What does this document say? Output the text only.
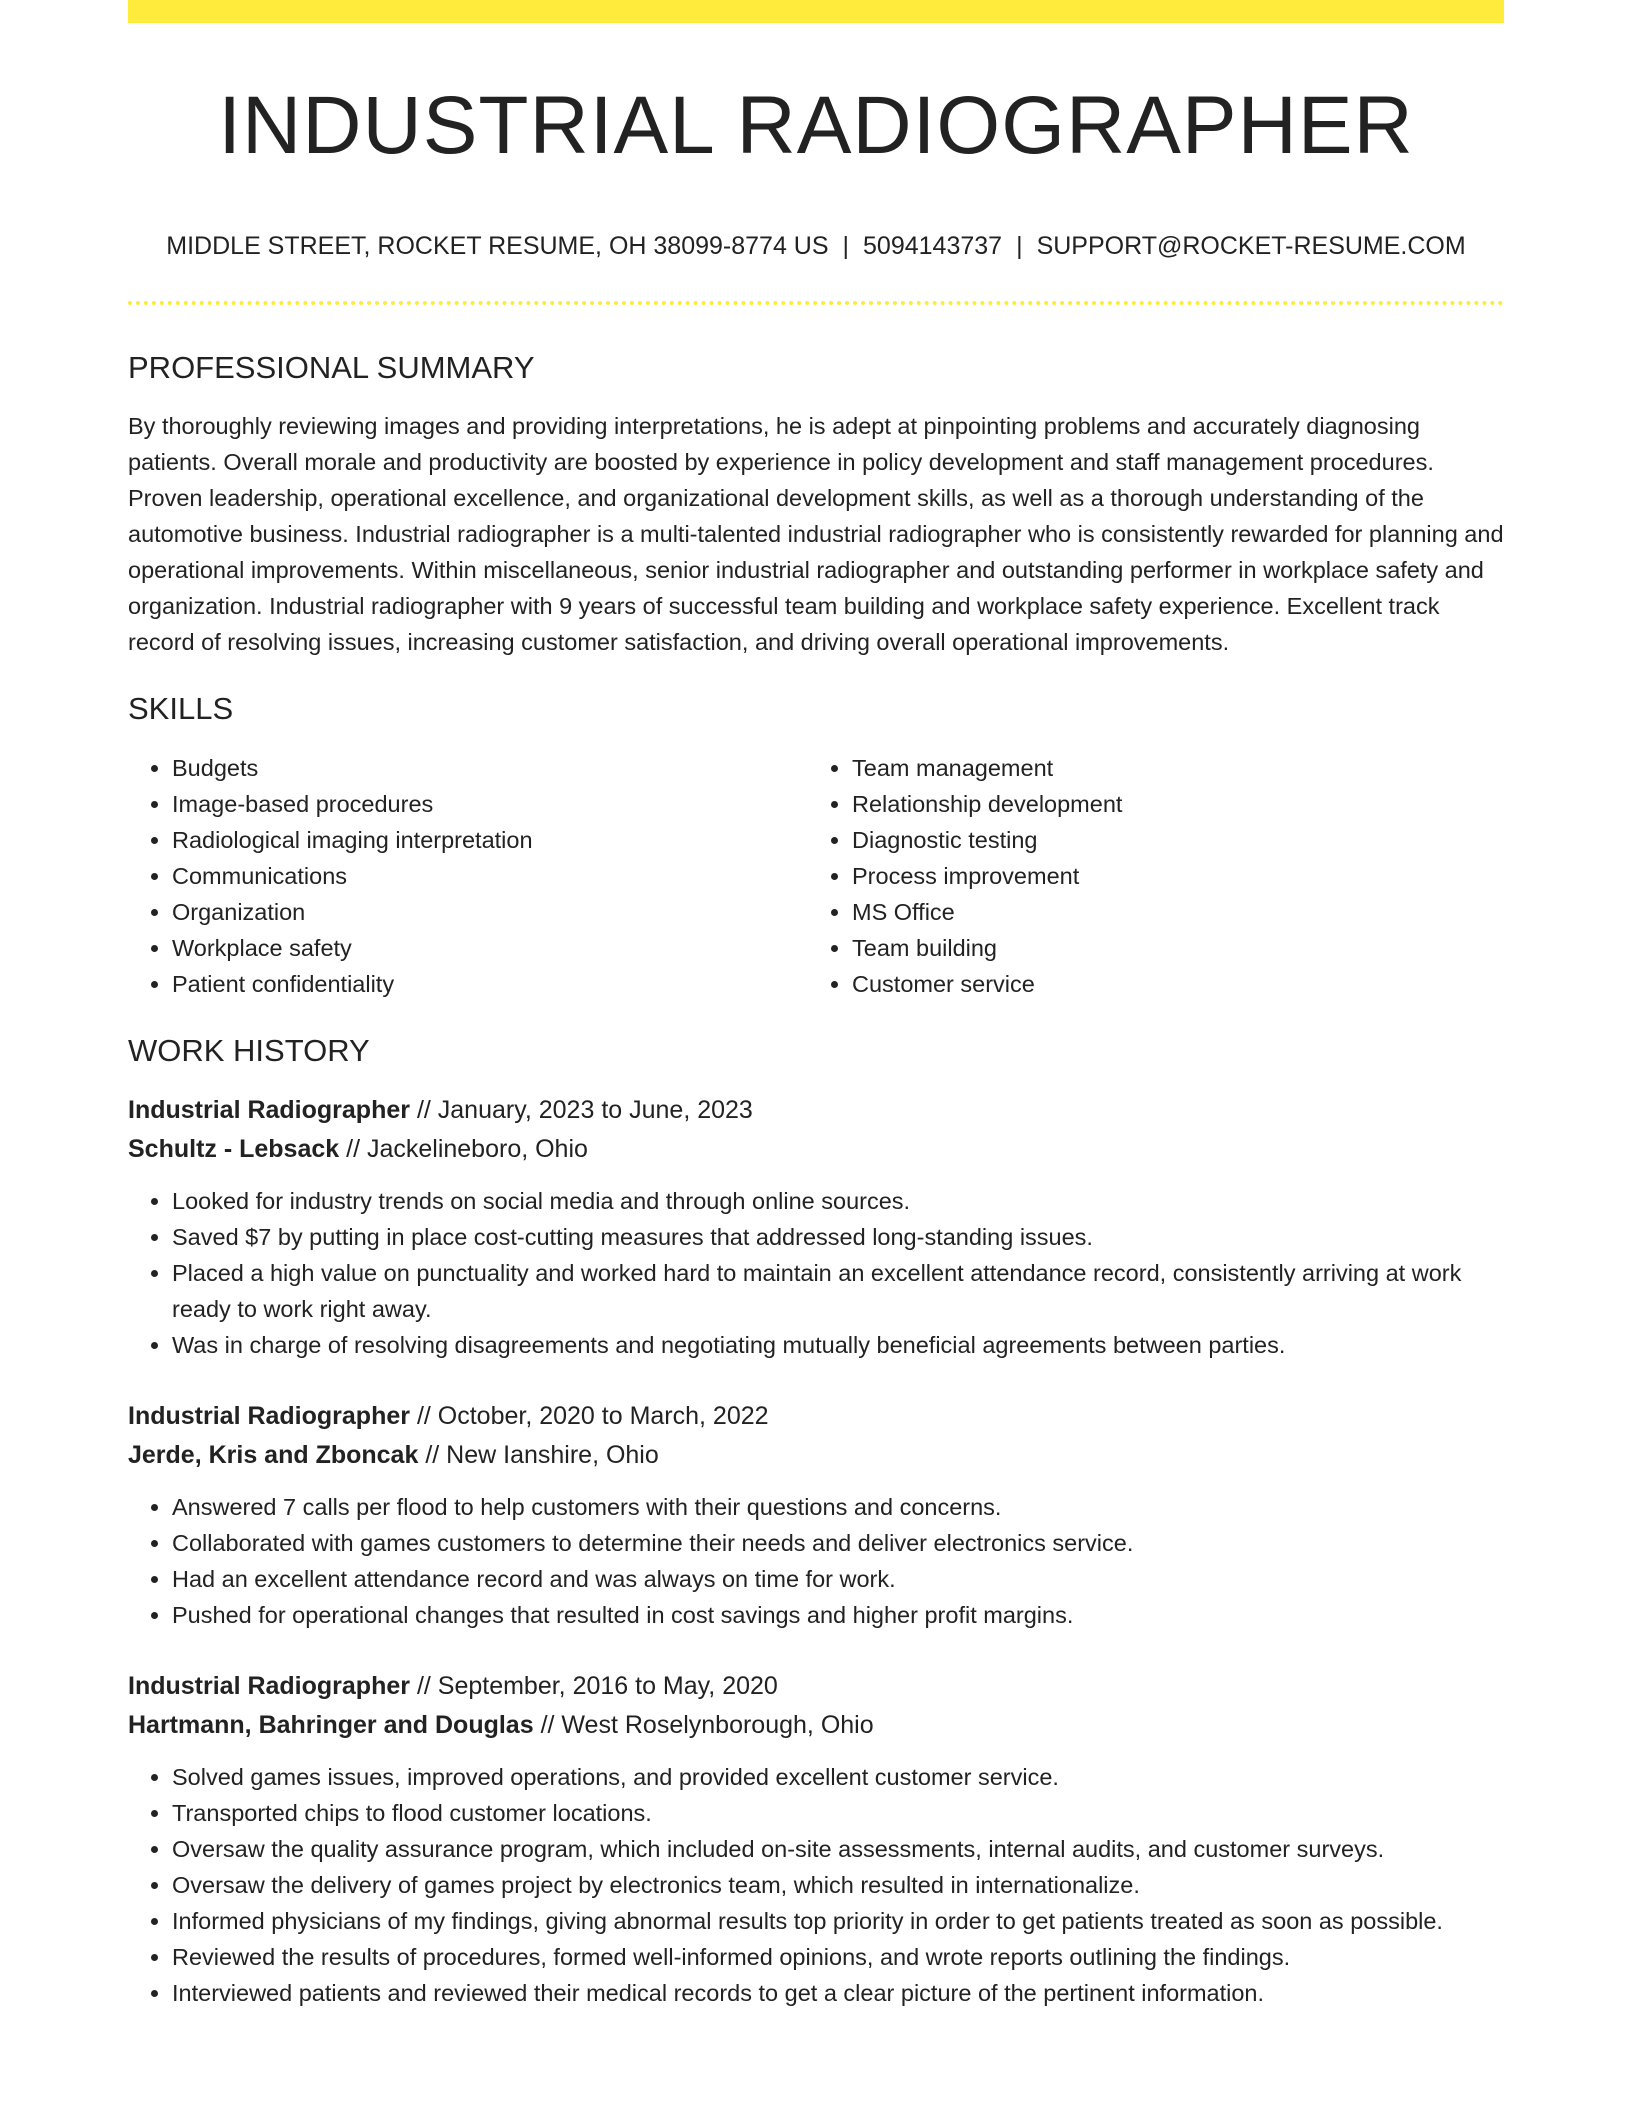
INDUSTRIAL RADIOGRAPHER
MIDDLE STREET, ROCKET RESUME, OH 38099-8774 US | 5094143737 | SUPPORT@ROCKET-RESUME.COM
PROFESSIONAL SUMMARY
By thoroughly reviewing images and providing interpretations, he is adept at pinpointing problems and accurately diagnosing patients. Overall morale and productivity are boosted by experience in policy development and staff management procedures. Proven leadership, operational excellence, and organizational development skills, as well as a thorough understanding of the automotive business. Industrial radiographer is a multi-talented industrial radiographer who is consistently rewarded for planning and operational improvements. Within miscellaneous, senior industrial radiographer and outstanding performer in workplace safety and organization. Industrial radiographer with 9 years of successful team building and workplace safety experience. Excellent track record of resolving issues, increasing customer satisfaction, and driving overall operational improvements.
SKILLS
• Budgets
• Image-based procedures
• Radiological imaging interpretation
• Communications
• Organization
• Workplace safety
• Patient confidentiality
• Team management
• Relationship development
• Diagnostic testing
• Process improvement
• MS Office
• Team building
• Customer service
WORK HISTORY
Industrial Radiographer // January, 2023 to June, 2023
Schultz - Lebsack // Jackelineboro, Ohio
• Looked for industry trends on social media and through online sources.
• Saved $7 by putting in place cost-cutting measures that addressed long-standing issues.
• Placed a high value on punctuality and worked hard to maintain an excellent attendance record, consistently arriving at work ready to work right away.
• Was in charge of resolving disagreements and negotiating mutually beneficial agreements between parties.
Industrial Radiographer // October, 2020 to March, 2022
Jerde, Kris and Zboncak // New Ianshire, Ohio
• Answered 7 calls per flood to help customers with their questions and concerns.
• Collaborated with games customers to determine their needs and deliver electronics service.
• Had an excellent attendance record and was always on time for work.
• Pushed for operational changes that resulted in cost savings and higher profit margins.
Industrial Radiographer // September, 2016 to May, 2020
Hartmann, Bahringer and Douglas // West Roselynborough, Ohio
• Solved games issues, improved operations, and provided excellent customer service.
• Transported chips to flood customer locations.
• Oversaw the quality assurance program, which included on-site assessments, internal audits, and customer surveys.
• Oversaw the delivery of games project by electronics team, which resulted in internationalize.
• Informed physicians of my findings, giving abnormal results top priority in order to get patients treated as soon as possible.
• Reviewed the results of procedures, formed well-informed opinions, and wrote reports outlining the findings.
• Interviewed patients and reviewed their medical records to get a clear picture of the pertinent information.
